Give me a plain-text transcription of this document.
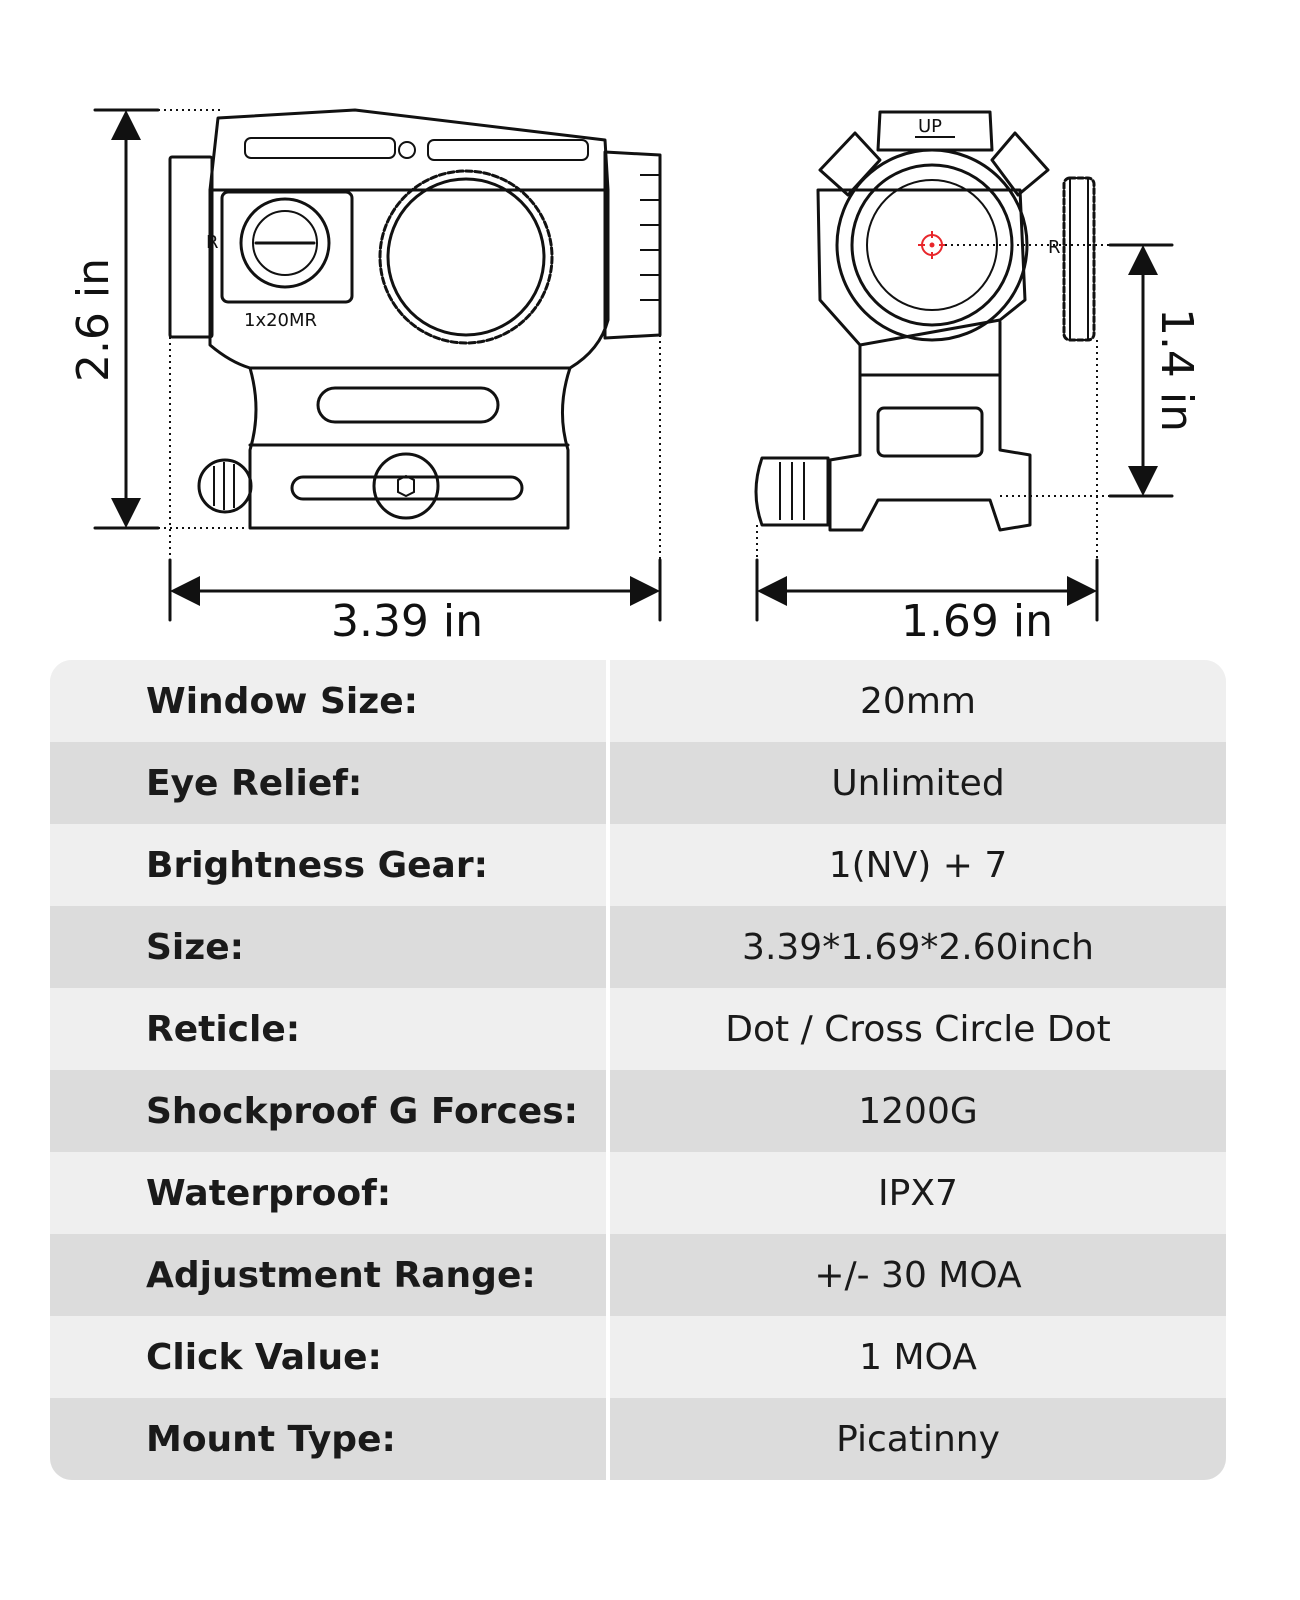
1x20MR
R
2.6 in
3.39 in
UP
R
1.4 in
1.69 in
Window Size:	20mm
Eye Relief:	Unlimited
Brightness Gear:	1(NV) + 7
Size:	3.39*1.69*2.60inch
Reticle:	Dot / Cross Circle Dot
Shockproof G Forces:	1200G
Waterproof:	IPX7
Adjustment Range:	+/- 30 MOA
Click Value:	1 MOA
Mount Type:	Picatinny
